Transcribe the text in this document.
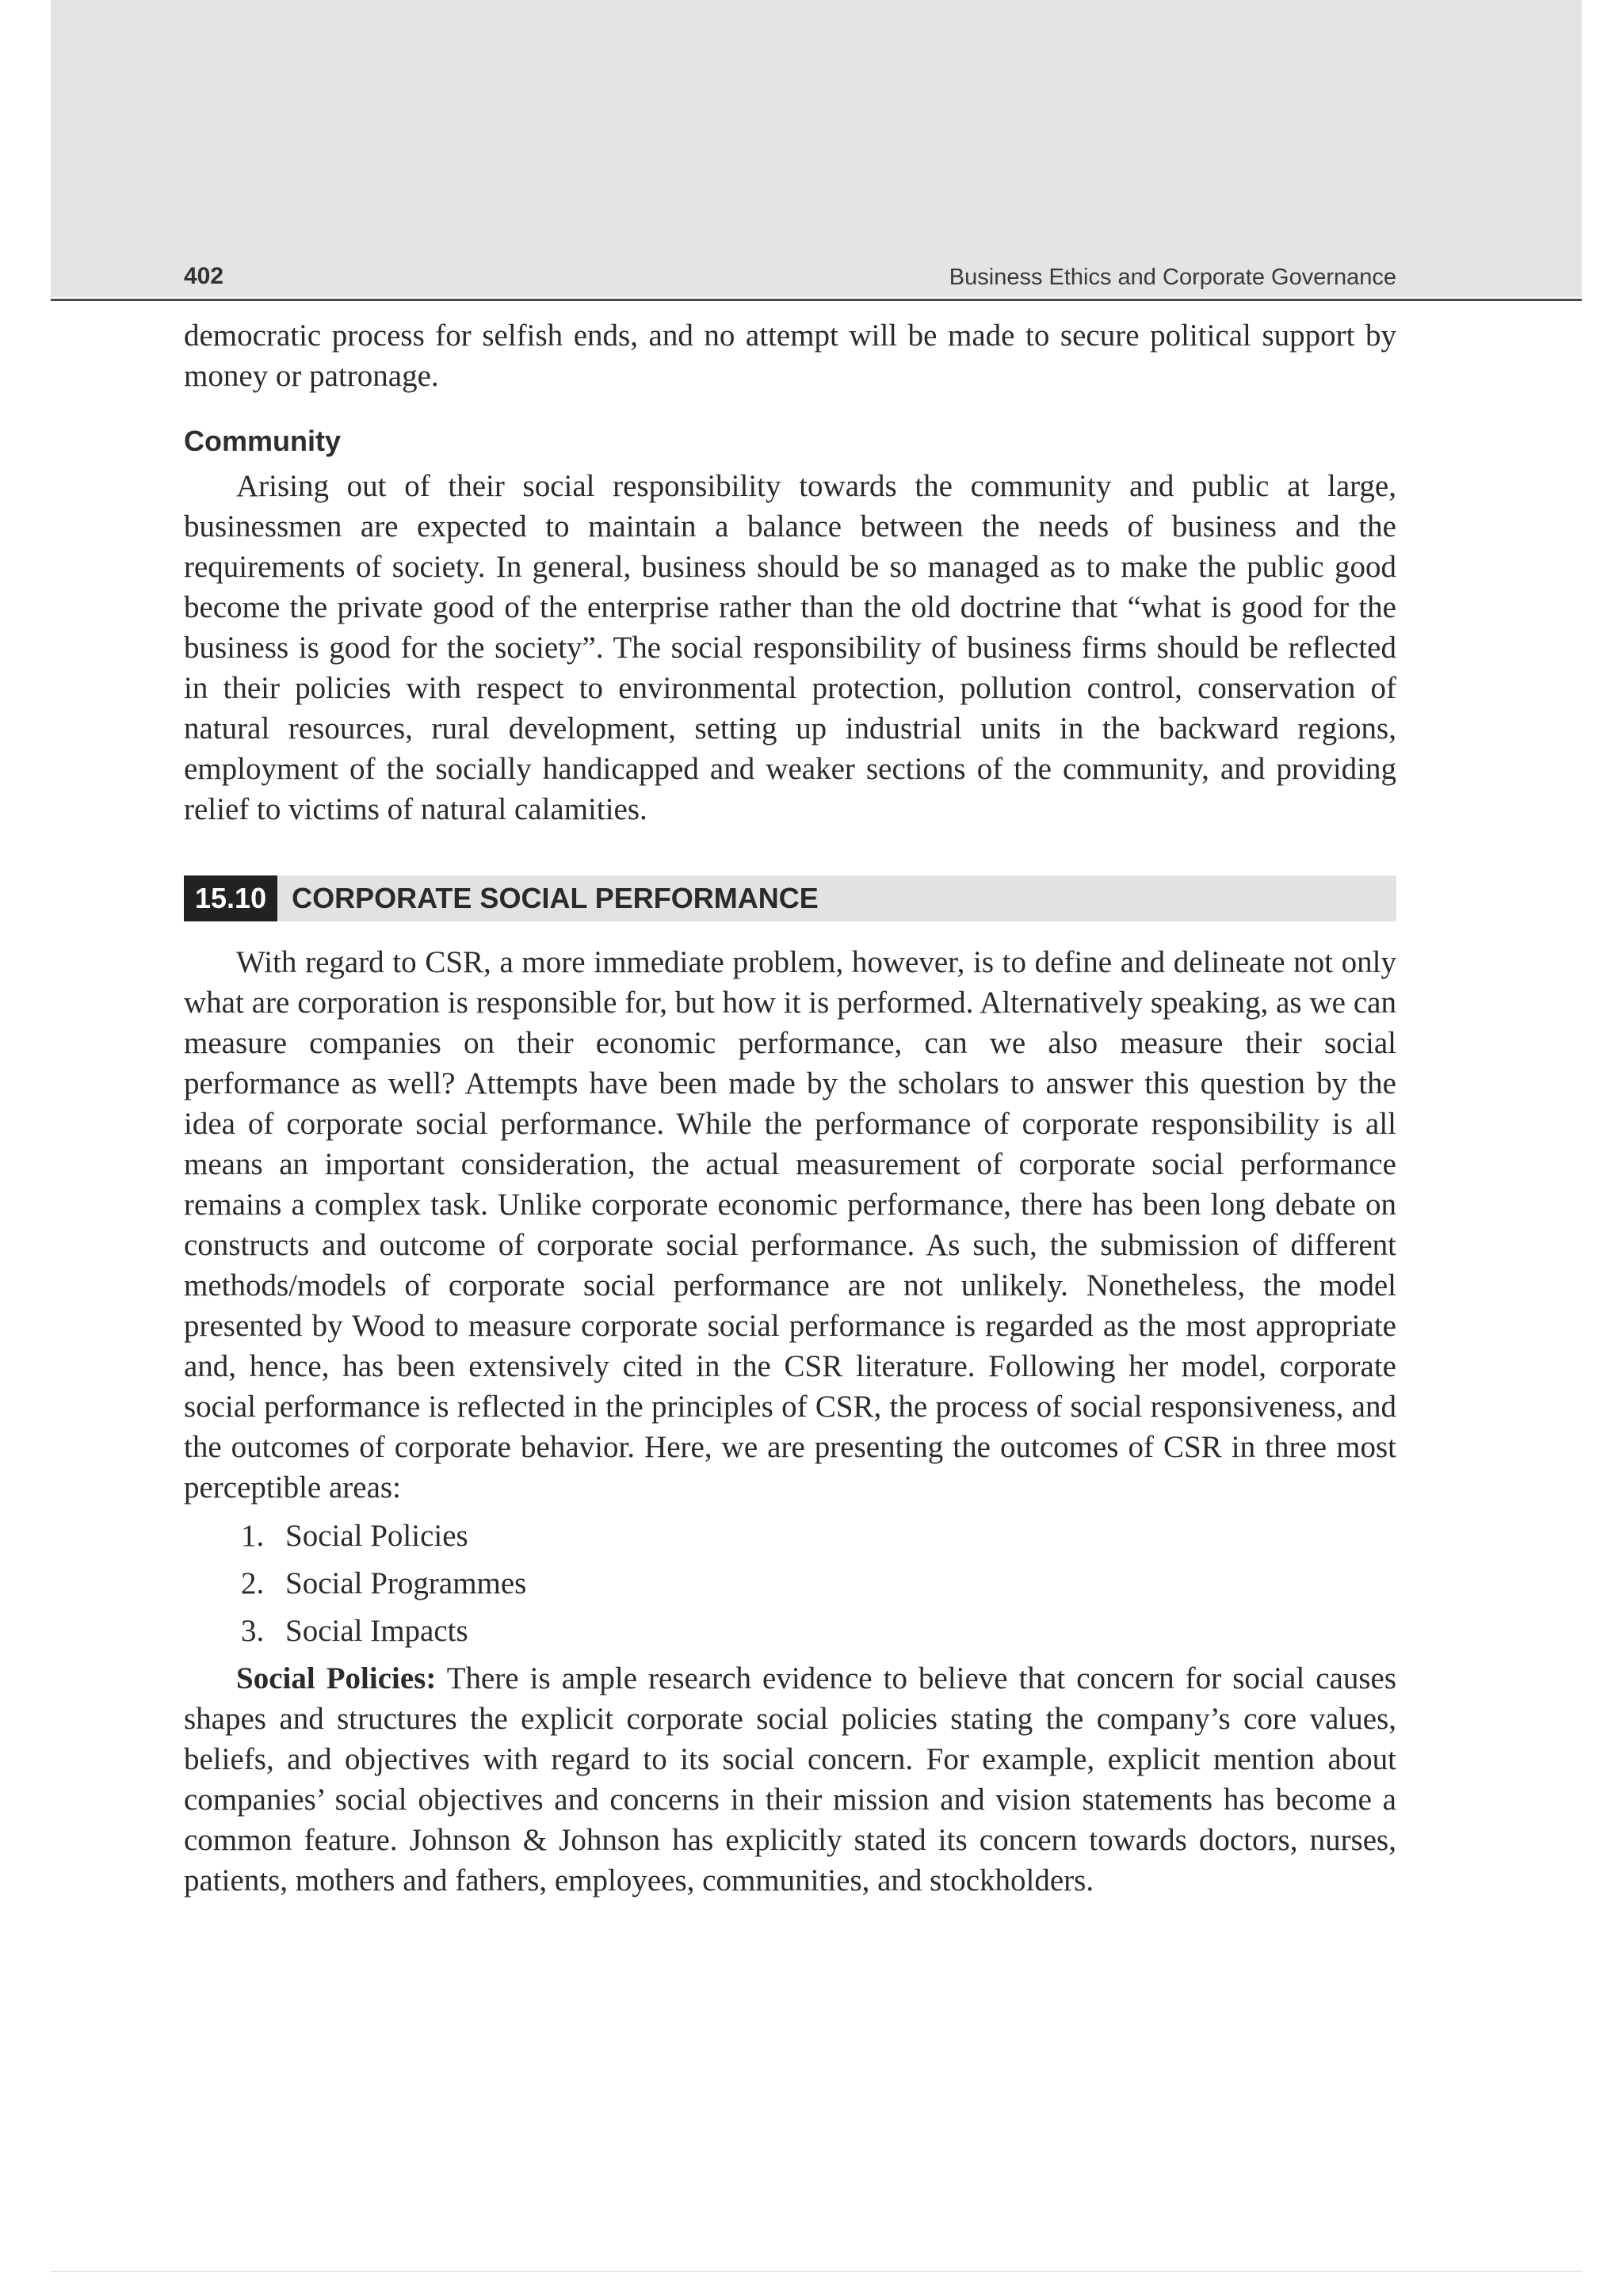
402	Business Ethics and Corporate Governance

democratic process for selfish ends, and no attempt will be made to secure political support by money or patronage.

Community

Arising out of their social responsibility towards the community and public at large, businessmen are expected to maintain a balance between the needs of business and the requirements of society. In general, business should be so managed as to make the public good become the private good of the enterprise rather than the old doctrine that “what is good for the business is good for the society”. The social responsibility of business firms should be reflected in their policies with respect to environmental protection, pollution control, conservation of natural resources, rural development, setting up industrial units in the backward regions, employment of the socially handicapped and weaker sections of the community, and providing relief to victims of natural calamities.

15.10 CORPORATE SOCIAL PERFORMANCE

With regard to CSR, a more immediate problem, however, is to define and delineate not only what are corporation is responsible for, but how it is performed. Alternatively speaking, as we can measure companies on their economic performance, can we also measure their social performance as well? Attempts have been made by the scholars to answer this question by the idea of corporate social performance. While the performance of corporate responsibility is all means an important consideration, the actual measurement of corporate social performance remains a complex task. Unlike corporate economic performance, there has been long debate on constructs and outcome of corporate social performance. As such, the submission of different methods/models of corporate social performance are not unlikely. Nonetheless, the model presented by Wood to measure corporate social performance is regarded as the most appropriate and, hence, has been extensively cited in the CSR literature. Following her model, corporate social performance is reflected in the principles of CSR, the process of social responsiveness, and the outcomes of corporate behavior. Here, we are presenting the outcomes of CSR in three most perceptible areas:

1. Social Policies
2. Social Programmes
3. Social Impacts

Social Policies: There is ample research evidence to believe that concern for social causes shapes and structures the explicit corporate social policies stating the company’s core values, beliefs, and objectives with regard to its social concern. For example, explicit mention about companies’ social objectives and concerns in their mission and vision statements has become a common feature. Johnson & Johnson has explicitly stated its concern towards doctors, nurses, patients, mothers and fathers, employees, communities, and stockholders.
